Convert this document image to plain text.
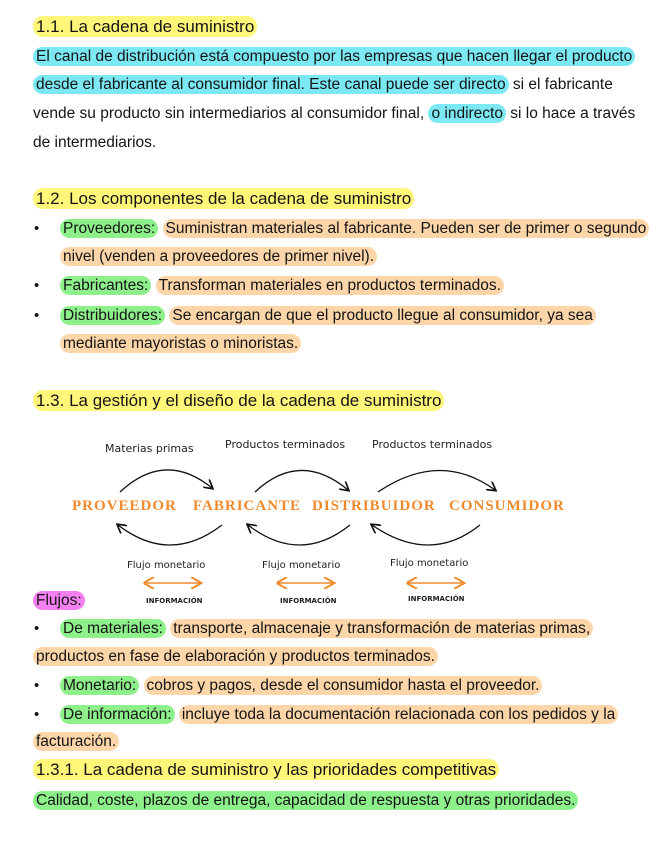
1.1. La cadena de suministro
El canal de distribución está compuesto por las empresas que hacen llegar el producto
desde el fabricante al consumidor final. Este canal puede ser directo si el fabricante
vende su producto sin intermediarios al consumidor final, o indirecto si lo hace a través
de intermediarios.
1.2. Los componentes de la cadena de suministro
• Proveedores: Suministran materiales al fabricante. Pueden ser de primer o segundo
nivel (venden a proveedores de primer nivel).
• Fabricantes: Transforman materiales en productos terminados.
• Distribuidores: Se encargan de que el producto llegue al consumidor, ya sea
mediante mayoristas o minoristas.
1.3. La gestión y el diseño de la cadena de suministro
Materias primas	Productos terminados Productos terminados
PROVEEDOR FABRICANTE DISTRIBUIDOR CONSUMIDOR
Flujo monetario	Flujo monetario	Flujo monetario
INFORMACIÓN	INFORMACIÓN	INFORMACIÓN
Flujos:
• De materiales: transporte, almacenaje y transformación de materias primas,
productos en fase de elaboración y productos terminados.
• Monetario: cobros y pagos, desde el consumidor hasta el proveedor.
• De información: incluye toda la documentación relacionada con los pedidos y la
facturación.
1.3.1. La cadena de suministro y las prioridades competitivas
Calidad, coste, plazos de entrega, capacidad de respuesta y otras prioridades.
